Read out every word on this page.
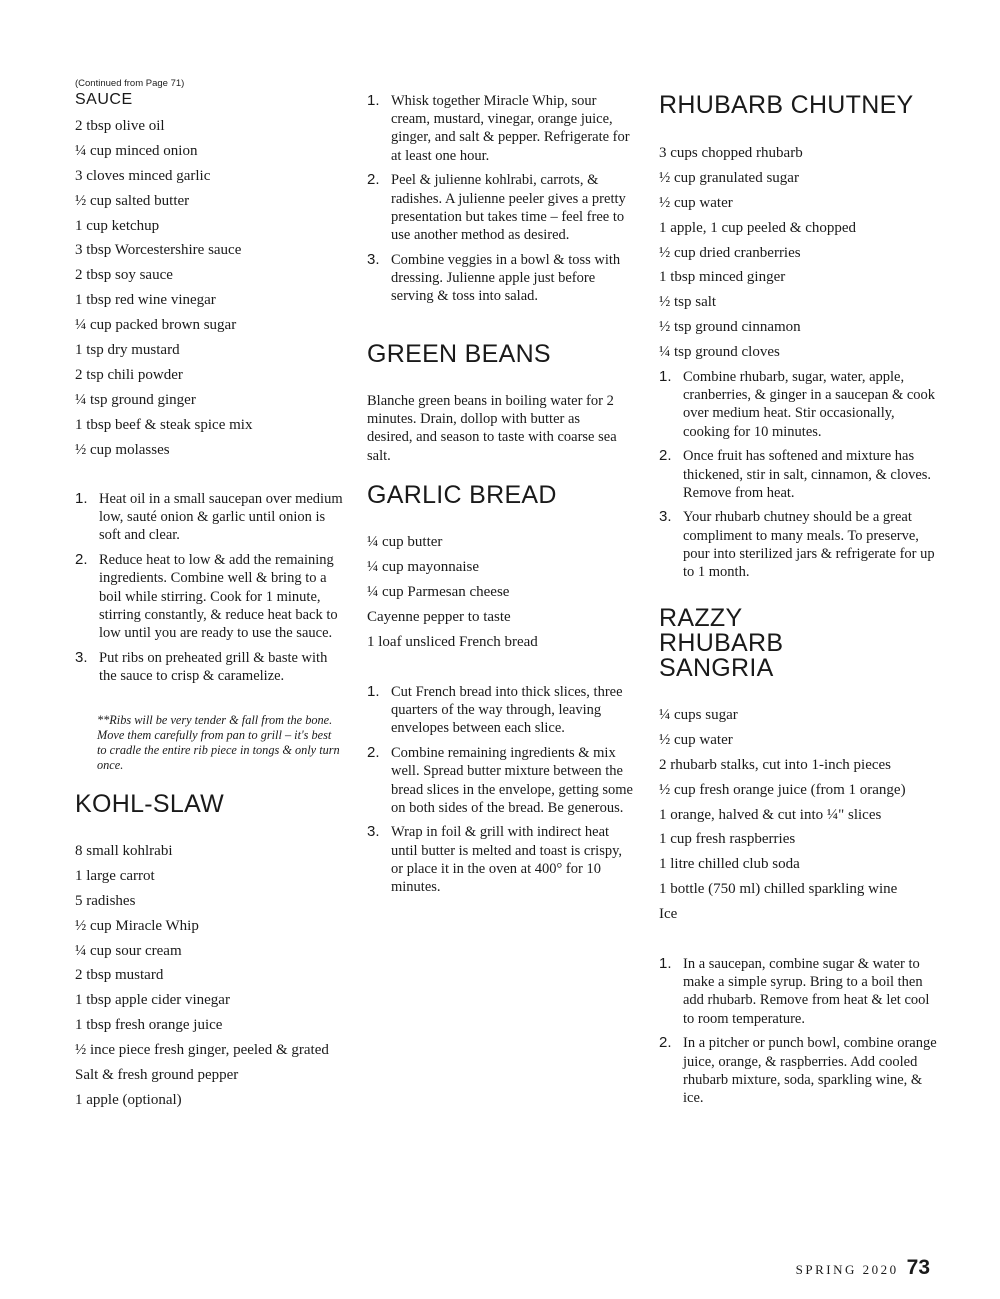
(Continued from Page 71)
SAUCE
2 tbsp olive oil
¼ cup minced onion
3 cloves minced garlic
½ cup salted butter
1 cup ketchup
3 tbsp Worcestershire sauce
2 tbsp soy sauce
1 tbsp red wine vinegar
¼ cup packed brown sugar
1 tsp dry mustard
2 tsp chili powder
¼ tsp ground ginger
1 tbsp beef & steak spice mix
½ cup molasses
1. Heat oil in a small saucepan over medium low, sauté onion & garlic until onion is soft and clear.
2. Reduce heat to low & add the remaining ingredients. Combine well & bring to a boil while stirring. Cook for 1 minute, stirring constantly, & reduce heat back to low until you are ready to use the sauce.
3. Put ribs on preheated grill & baste with the sauce to crisp & caramelize.

**Ribs will be very tender & fall from the bone. Move them carefully from pan to grill – it's best to cradle the entire rib piece in tongs & only turn once.

KOHL-SLAW
8 small kohlrabi
1 large carrot
5 radishes
½ cup Miracle Whip
¼ cup sour cream
2 tbsp mustard
1 tbsp apple cider vinegar
1 tbsp fresh orange juice
½ ince piece fresh ginger, peeled & grated
Salt & fresh ground pepper
1 apple (optional)
1. Whisk together Miracle Whip, sour cream, mustard, vinegar, orange juice, ginger, and salt & pepper. Refrigerate for at least one hour.
2. Peel & julienne kohlrabi, carrots, & radishes. A julienne peeler gives a pretty presentation but takes time – feel free to use another method as desired.
3. Combine veggies in a bowl & toss with dressing. Julienne apple just before serving & toss into salad.
GREEN BEANS

Blanche green beans in boiling water for 2 minutes. Drain, dollop with butter as desired, and season to taste with coarse sea salt.

GARLIC BREAD
¼ cup butter
¼ cup mayonnaise
¼ cup Parmesan cheese
Cayenne pepper to taste
1 loaf unsliced French bread
1. Cut French bread into thick slices, three quarters of the way through, leaving envelopes between each slice.
2. Combine remaining ingredients & mix well. Spread butter mixture between the bread slices in the envelope, getting some on both sides of the bread. Be generous.
3. Wrap in foil & grill with indirect heat until butter is melted and toast is crispy, or place it in the oven at 400° for 10 minutes.
RHUBARB CHUTNEY
3 cups chopped rhubarb
½ cup granulated sugar
½ cup water
1 apple, 1 cup peeled & chopped
½ cup dried cranberries
1 tbsp minced ginger
½ tsp salt
½ tsp ground cinnamon
¼ tsp ground cloves
1. Combine rhubarb, sugar, water, apple, cranberries, & ginger in a saucepan & cook over medium heat. Stir occasionally, cooking for 10 minutes.
2. Once fruit has softened and mixture has thickened, stir in salt, cinnamon, & cloves. Remove from heat.
3. Your rhubarb chutney should be a great compliment to many meals. To preserve, pour into sterilized jars & refrigerate for up to 1 month.
RAZZY
RHUBARB
SANGRIA
¼ cups sugar
½ cup water
2 rhubarb stalks, cut into 1-inch pieces
½ cup fresh orange juice (from 1 orange)
1 orange, halved & cut into ¼" slices
1 cup fresh raspberries
1 litre chilled club soda
1 bottle (750 ml) chilled sparkling wine
Ice
1. In a saucepan, combine sugar & water to make a simple syrup. Bring to a boil then add rhubarb. Remove from heat & let cool to room temperature.
2. In a pitcher or punch bowl, combine orange juice, orange, & raspberries. Add cooled rhubarb mixture, soda, sparkling wine, & ice.
SPRING 2020 73
